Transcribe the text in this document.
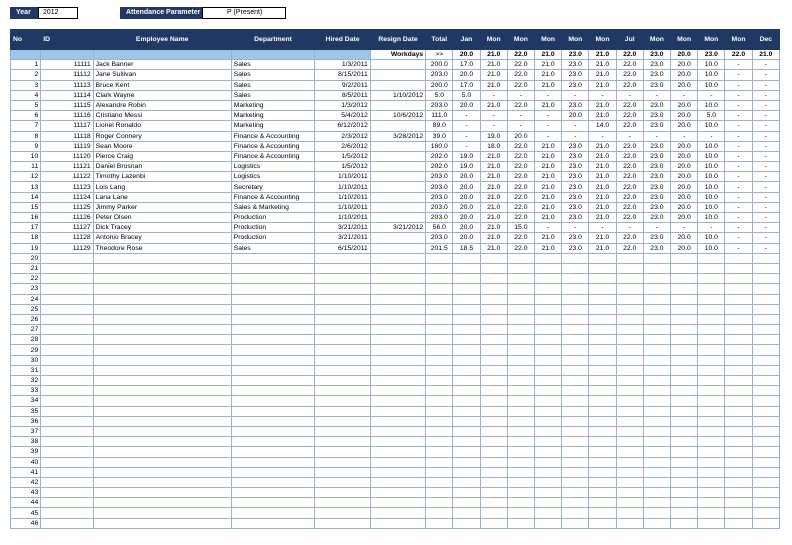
Year	2012	Attendance Parameter	P (Present)
No	ID	Employee Name	Department	Hired Date	Resign Date	Total	Jan	Mon	Mon	Mon	Mon	Mon	Jul	Mon	Mon	Mon	Mon	Dec
					Workdays	>>	20.0	21.0	22.0	21.0	23.0	21.0	22.0	23.0	20.0	23.0	22.0	21.0
1	11111	Jack Banner	Sales	1/3/2011		200.0	17.0	21.0	22.0	21.0	23.0	21.0	22.0	23.0	20.0	10.0	-	-
2	11112	Jane Sullivan	Sales	8/15/2011		203.0	20.0	21.0	22.0	21.0	23.0	21.0	22.0	23.0	20.0	10.0	-	-
3	11113	Bruce Kent	Sales	9/2/2011		200.0	17.0	21.0	22.0	21.0	23.0	21.0	22.0	23.0	20.0	10.0	-	-
4	11114	Clark Wayne	Sales	8/5/2011	1/10/2012	5.0	5.0	-	-	-	-	-	-	-	-	-	-	-
5	11115	Alexandre Robin	Marketing	1/3/2012		203.0	20.0	21.0	22.0	21.0	23.0	21.0	22.0	23.0	20.0	10.0	-	-
6	11116	Cristiano Messi	Marketing	5/4/2012	10/6/2012	111.0	-	-	-	-	20.0	21.0	22.0	23.0	20.0	5.0	-	-
7	11117	Lionel Ronaldo	Marketing	6/12/2012		89.0	-	-	-	-	-	14.0	22.0	23.0	20.0	10.0	-	-
8	11118	Roger Connery	Finance & Accounting	2/3/2012	3/28/2012	39.0	-	19.0	20.0	-	-	-	-	-	-	-	-	-
9	11119	Sean Moore	Finance & Accounting	2/6/2012		180.0	-	18.0	22.0	21.0	23.0	21.0	22.0	23.0	20.0	10.0	-	-
10	11120	Pierce Craig	Finance & Accounting	1/5/2012		202.0	19.0	21.0	22.0	21.0	23.0	21.0	22.0	23.0	20.0	10.0	-	-
11	11121	Daniel Brosnan	Logistics	1/5/2012		202.0	19.0	21.0	22.0	21.0	23.0	21.0	22.0	23.0	20.0	10.0	-	-
12	11122	Timothy Lazenbi	Logistics	1/10/2011		203.0	20.0	21.0	22.0	21.0	23.0	21.0	22.0	23.0	20.0	10.0	-	-
13	11123	Lois Lang	Secretary	1/10/2011		203.0	20.0	21.0	22.0	21.0	23.0	21.0	22.0	23.0	20.0	10.0	-	-
14	11124	Lana Lane	Finance & Accounting	1/10/2011		203.0	20.0	21.0	22.0	21.0	23.0	21.0	22.0	23.0	20.0	10.0	-	-
15	11125	Jimmy Parker	Sales & Marketing	1/10/2011		203.0	20.0	21.0	22.0	21.0	23.0	21.0	22.0	23.0	20.0	10.0	-	-
16	11126	Peter Olsen	Production	1/10/2011		203.0	20.0	21.0	22.0	21.0	23.0	21.0	22.0	23.0	20.0	10.0	-	-
17	11127	Dick Tracey	Production	3/21/2011	3/21/2012	56.0	20.0	21.0	15.0	-	-	-	-	-	-	-	-	-
18	11128	Antonio Bracey	Production	3/21/2011		203.0	20.0	21.0	22.0	21.0	23.0	21.0	22.0	23.0	20.0	10.0	-	-
19	11129	Theodore Rose	Sales	6/15/2011		201.5	18.5	21.0	22.0	21.0	23.0	21.0	22.0	23.0	20.0	10.0	-	-
20																		
21																		
22																		
23																		
24																		
25																		
26																		
27																		
28																		
29																		
30																		
31																		
32																		
33																		
34																		
35																		
36																		
37																		
38																		
39																		
40																		
41																		
42																		
43																		
44																		
45																		
46																		
